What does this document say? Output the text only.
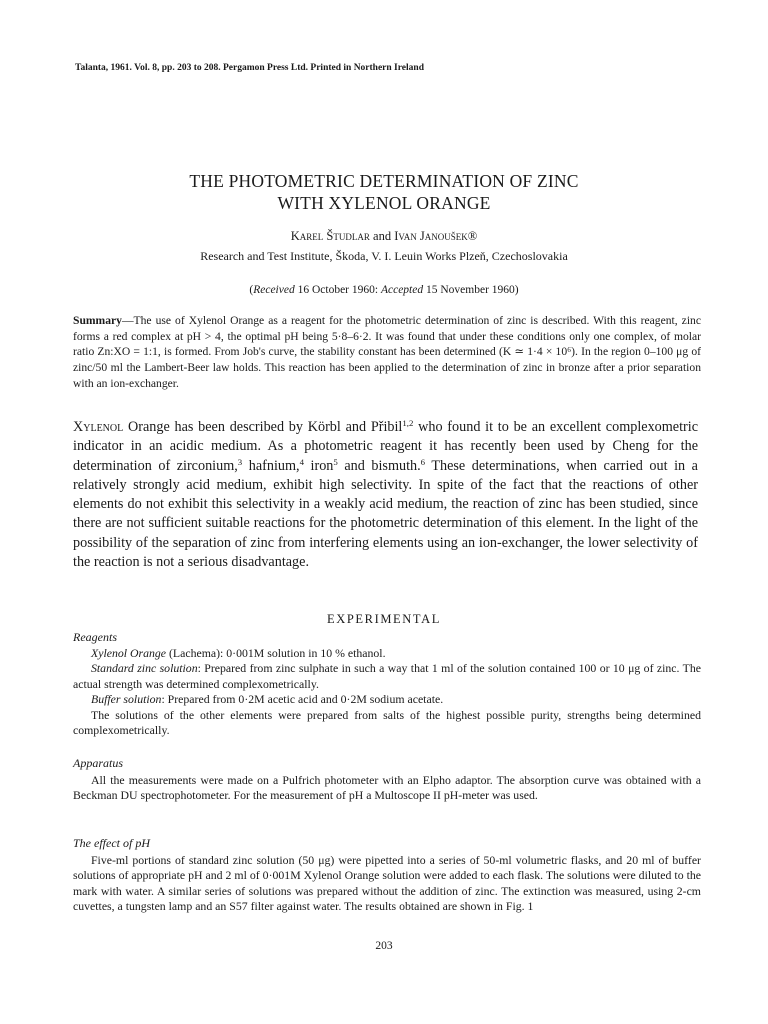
Talanta, 1961. Vol. 8, pp. 203 to 208. Pergamon Press Ltd. Printed in Northern Ireland
THE PHOTOMETRIC DETERMINATION OF ZINC
WITH XYLENOL ORANGE
Karel Študlar and Ivan Janoušek®
Research and Test Institute, Škoda, V. I. Leuin Works Plzeň, Czechoslovakia
(Received 16 October 1960: Accepted 15 November 1960)
Summary—The use of Xylenol Orange as a reagent for the photometric determination of zinc is described. With this reagent, zinc forms a red complex at pH > 4, the optimal pH being 5·8–6·2. It was found that under these conditions only one complex, of molar ratio Zn:XO = 1:1, is formed. From Job's curve, the stability constant has been determined (K ≃ 1·4 × 10⁶). In the region 0–100 μg of zinc/50 ml the Lambert-Beer law holds. This reaction has been applied to the determination of zinc in bronze after a prior separation with an ion-exchanger.
Xylenol Orange has been described by Körbl and Přibil$^{1,2}$ who found it to be an excellent complexometric indicator in an acidic medium. As a photometric reagent it has recently been used by Cheng for the determination of zirconium,$^3$ hafnium,$^4$ iron$^5$ and bismuth.$^6$ These determinations, when carried out in a relatively strongly acid medium, exhibit high selectivity. In spite of the fact that the reactions of other elements do not exhibit this selectivity in a weakly acid medium, the reaction of zinc has been studied, since there are not sufficient suitable reactions for the photometric determination of this element. In the light of the possibility of the separation of zinc from interfering elements using an ion-exchanger, the lower selectivity of the reaction is not a serious disadvantage.
EXPERIMENTAL
Reagents

Xylenol Orange (Lachema): 0·001M solution in 10 % ethanol.

Standard zinc solution: Prepared from zinc sulphate in such a way that 1 ml of the solution contained 100 or 10 μg of zinc. The actual strength was determined complexometrically.

Buffer solution: Prepared from 0·2M acetic acid and 0·2M sodium acetate.

The solutions of the other elements were prepared from salts of the highest possible purity, strengths being determined complexometrically.

Apparatus

All the measurements were made on a Pulfrich photometer with an Elpho adaptor. The absorption curve was obtained with a Beckman DU spectrophotometer. For the measurement of pH a Multoscope II pH-meter was used.

The effect of pH

Five-ml portions of standard zinc solution (50 μg) were pipetted into a series of 50-ml volumetric flasks, and 20 ml of buffer solutions of appropriate pH and 2 ml of 0·001M Xylenol Orange solution were added to each flask. The solutions were diluted to the mark with water. A similar series of solutions was prepared without the addition of zinc. The extinction was measured, using 2-cm cuvettes, a tungsten lamp and an S57 filter against water. The results obtained are shown in Fig. 1

203
